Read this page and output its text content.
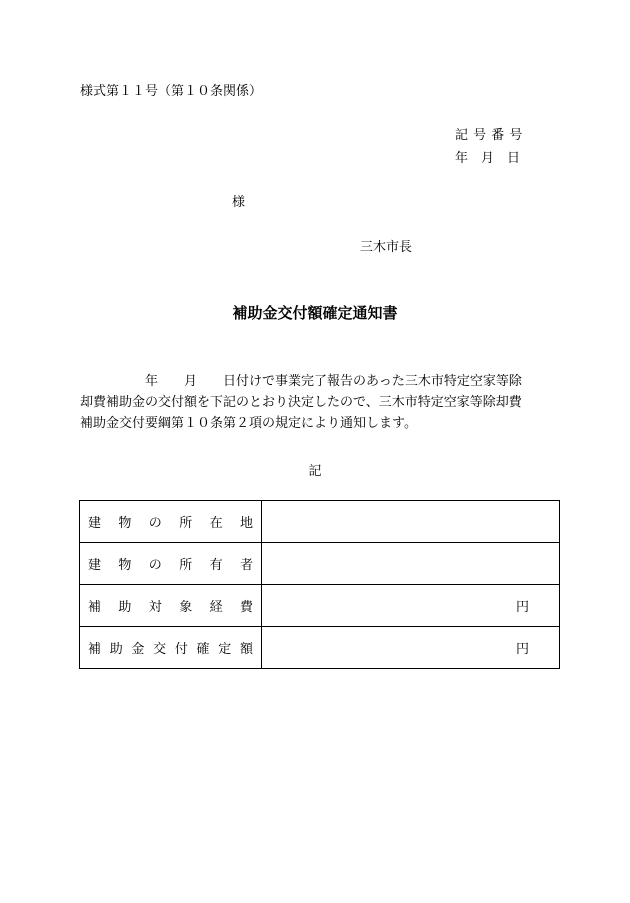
様式第１１号（第１０条関係）
記 号 番 号
年　月　日
様
三木市長
補助金交付額確定通知書
　　　　　年　　月　　日付けで事業完了報告のあった三木市特定空家等除
却費補助金の交付額を下記のとおり決定したので、三木市特定空家等除却費
補助金交付要綱第１０条第２項の規定により通知します。
記
建物の所在地	
建物の所有者	
補助対象経費	円
補助金交付確定額	円
